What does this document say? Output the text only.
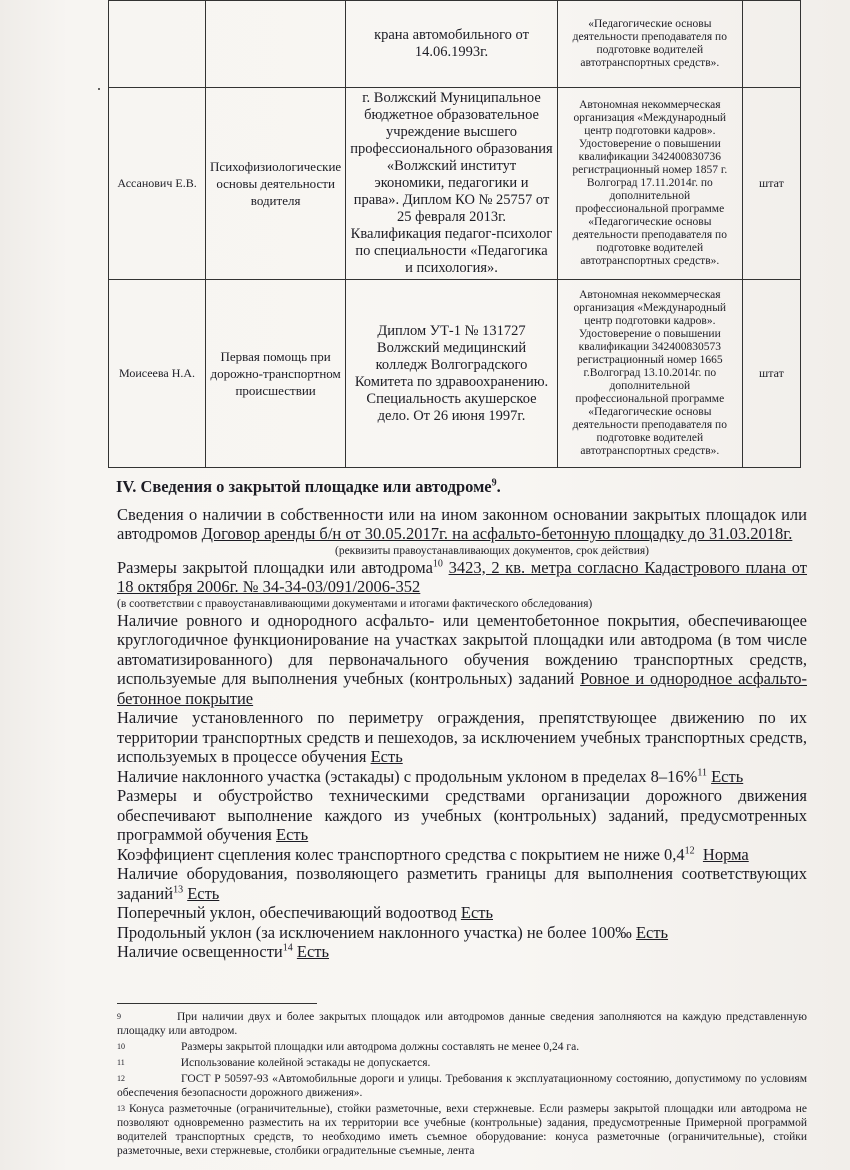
		крана автомобильного от 14.06.1993г.	«Педагогические основы деятельности преподавателя по подготовке водителей автотранспортных средств».	
Ассанович Е.В.	Психофизиологические основы деятельности водителя	г. Волжский Муниципальное бюджетное образовательное учреждение высшего профессионального образования «Волжский институт экономики, педагогики и права». Диплом КО № 25757 от 25 февраля 2013г. Квалификация педагог-психолог по специальности «Педагогика и психология».	Автономная некоммерческая организация «Международный центр подготовки кадров». Удостоверение о повышении квалификации 342400830736 регистрационный номер 1857 г. Волгоград 17.11.2014г. по дополнительной профессиональной программе «Педагогические основы деятельности преподавателя по подготовке водителей автотранспортных средств».	штат
Моисеева Н.А.	Первая помощь при дорожно-транспортном происшествии	Диплом УТ-1 № 131727 Волжский медицинский колледж Волгоградского Комитета по здравоохранению. Специальность акушерское дело. От 26 июня 1997г.	Автономная некоммерческая организация «Международный центр подготовки кадров». Удостоверение о повышении квалификации 342400830573 регистрационный номер 1665 г.Волгоград 13.10.2014г. по дополнительной профессиональной программе «Педагогические основы деятельности преподавателя по подготовке водителей автотранспортных средств».	штат
IV. Сведения о закрытой площадке или автодроме$^9$.

Сведения о наличии в собственности или на ином законном основании закрытых площадок или автодромов Договор аренды б/н от 30.05.2017г. на асфальто-бетонную площадку до 31.03.2018г.

(реквизиты правоустанавливающих документов, срок действия)

Размеры закрытой площадки или автодрома$^{10}$ 3423, 2 кв. метра согласно Кадастрового плана от 18 октября 2006г. № 34-34-03/091/2006-352

(в соответствии с правоустанавливающими документами и итогами фактического обследования)

Наличие ровного и однородного асфальто- или цементобетонное покрытия, обеспечивающее круглогодичное функционирование на участках закрытой площадки или автодрома (в том числе автоматизированного) для первоначального обучения вождению транспортных средств, используемые для выполнения учебных (контрольных) заданий Ровное и однородное асфальто-бетонное покрытие

Наличие установленного по периметру ограждения, препятствующее движению по их территории транспортных средств и пешеходов, за исключением учебных транспортных средств, используемых в процессе обучения Есть

Наличие наклонного участка (эстакады) с продольным уклоном в пределах 8–16%$^{11}$ Есть

Размеры и обустройство техническими средствами организации дорожного движения обеспечивают выполнение каждого из учебных (контрольных) заданий, предусмотренных программой обучения Есть

Коэффициент сцепления колес транспортного средства с покрытием не ниже $0,4^{12}$ Норма

Наличие оборудования, позволяющего разметить границы для выполнения соответствующих заданий$^{13}$ Есть

Поперечный уклон, обеспечивающий водоотвод Есть

Продольный уклон (за исключением наклонного участка) не более 100‰ Есть

Наличие освещенности$^{14}$ Есть

$^9$	При наличии двух и более закрытых площадок или автодромов данные сведения заполняются на каждую представленную площадку или автодром.

$^{10}$	Размеры закрытой площадки или автодрома должны составлять не менее 0,24 га.

$^{11}$	Использование колейной эстакады не допускается.

$^{12}$	ГОСТ Р 50597-93 «Автомобильные дороги и улицы. Требования к эксплуатационному состоянию, допустимому по условиям обеспечения безопасности дорожного движения».

$^{13}$ Конуса разметочные (ограничительные), стойки разметочные, вехи стержневые. Если размеры закрытой площадки или автодрома не позволяют одновременно разместить на их территории все учебные (контрольные) задания, предусмотренные Примерной программой водителей транспортных средств, то необходимо иметь съемное оборудование: конуса разметочные (ограничительные), стойки разметочные, вехи стержневые, столбики оградительные съемные, лента
